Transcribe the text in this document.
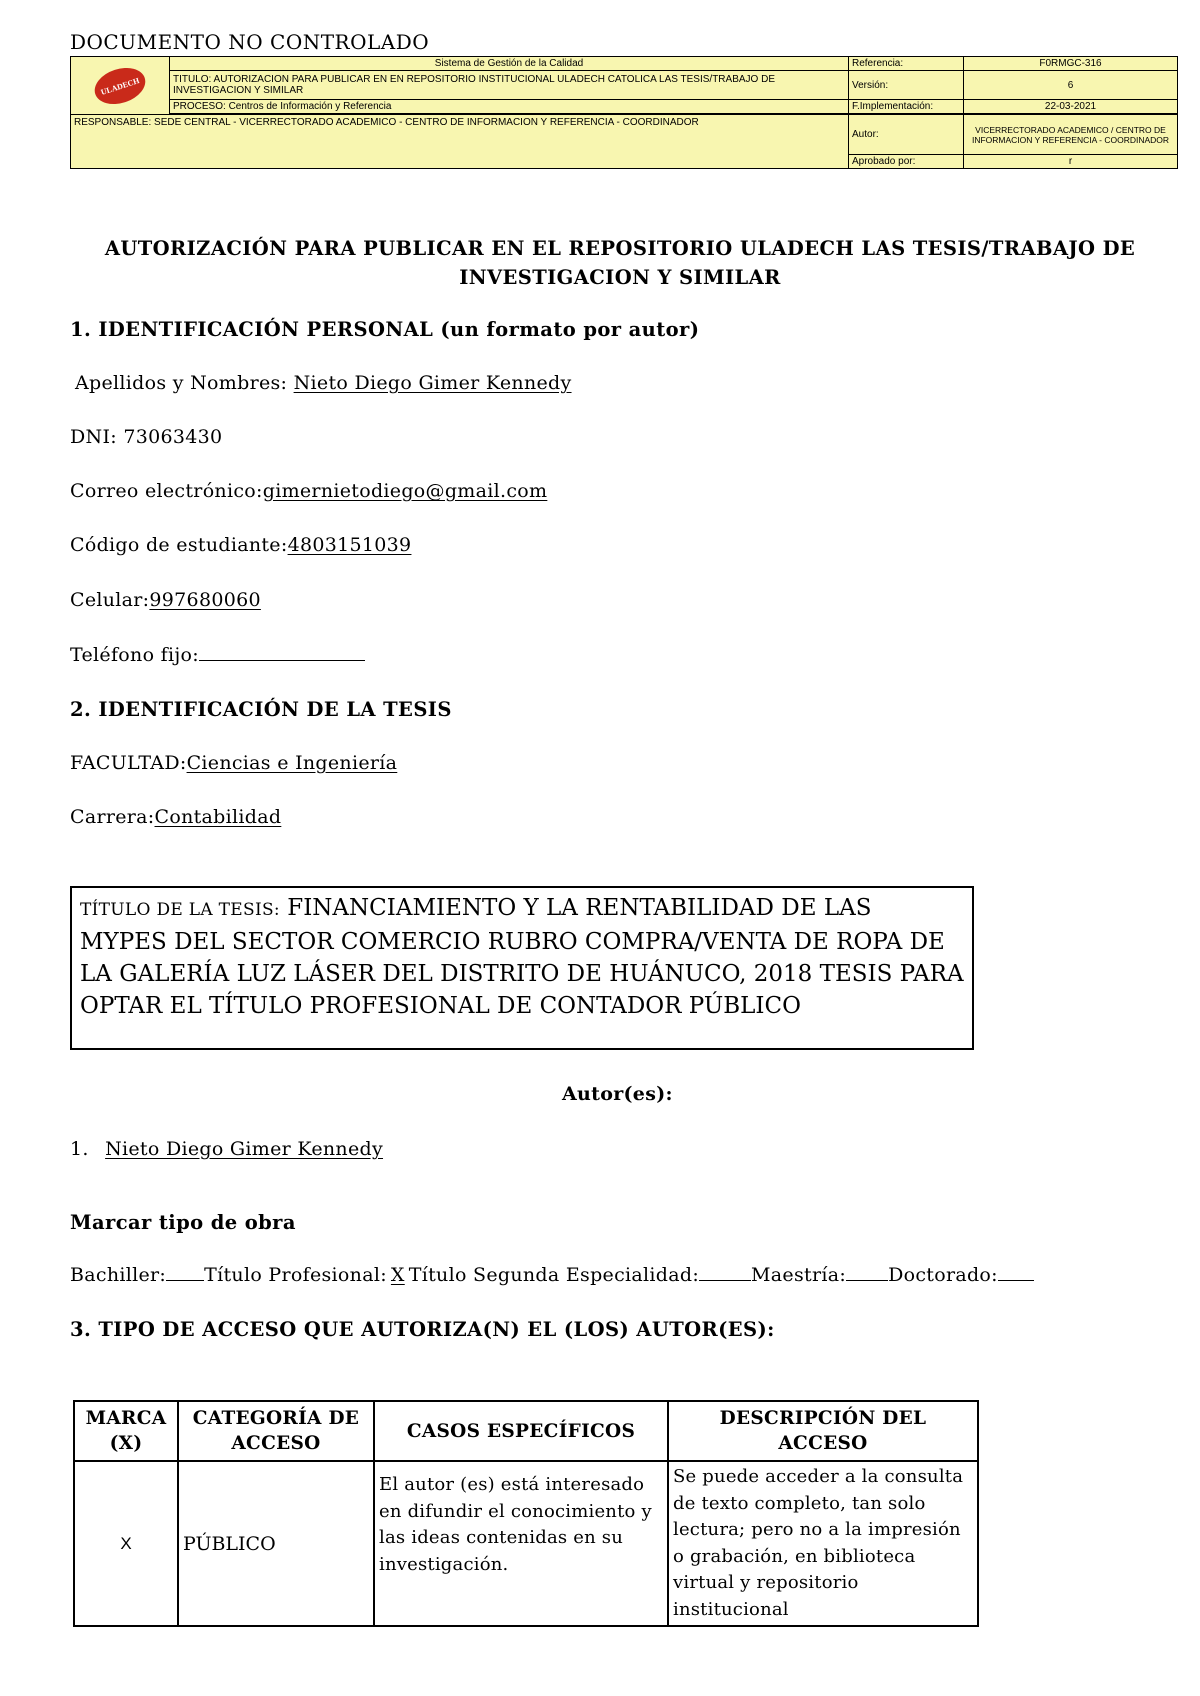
DOCUMENTO NO CONTROLADO
ULADECH	Sistema de Gestión de la Calidad	Referencia:	F0RMGC-316
	TITULO: AUTORIZACION PARA PUBLICAR EN EN REPOSITORIO INSTITUCIONAL ULADECH CATOLICA LAS TESIS/TRABAJO DE INVESTIGACION Y SIMILAR	Versión:	6
	PROCESO: Centros de Información y Referencia	F.Implementación:	22-03-2021

RESPONSABLE: SEDE CENTRAL - VICERRECTORADO ACADEMICO - CENTRO DE INFORMACION Y REFERENCIA - COORDINADOR		Autor:	VICERRECTORADO ACADEMICO / CENTRO DE INFORMACION Y REFERENCIA - COORDINADOR
		Aprobado por:	r
AUTORIZACIÓN PARA PUBLICAR EN EL REPOSITORIO ULADECH LAS TESIS/TRABAJO DE
INVESTIGACION Y SIMILAR
1. IDENTIFICACIÓN PERSONAL (un formato por autor)
Apellidos y Nombres: Nieto Diego Gimer Kennedy
DNI: 73063430
Correo electrónico:gimernietodiego@gmail.com
Código de estudiante:4803151039
Celular:997680060
Teléfono fijo:
2. IDENTIFICACIÓN DE LA TESIS
FACULTAD:Ciencias e Ingeniería
Carrera:Contabilidad
TÍTULO DE LA TESIS: FINANCIAMIENTO Y LA RENTABILIDAD DE LAS MYPES DEL SECTOR COMERCIO RUBRO COMPRA/VENTA DE ROPA DE LA GALERÍA LUZ LÁSER DEL DISTRITO DE HUÁNUCO, 2018 TESIS PARA OPTAR EL TÍTULO PROFESIONAL DE CONTADOR PÚBLICO
Autor(es):
1. Nieto Diego Gimer Kennedy
Marcar tipo de obra
Bachiller: Título Profesional: X Título Segunda Especialidad:	Maestría: Doctorado:
3. TIPO DE ACCESO QUE AUTORIZA(N) EL (LOS) AUTOR(ES):
MARCA (X)	CATEGORÍA DE ACCESO	CASOS ESPECÍFICOS	DESCRIPCIÓN DEL ACCESO
X	PÚBLICO	El autor (es) está interesado en difundir el conocimiento y las ideas contenidas en su investigación.	Se puede acceder a la consulta de texto completo, tan solo lectura; pero no a la impresión o grabación, en biblioteca virtual y repositorio institucional
